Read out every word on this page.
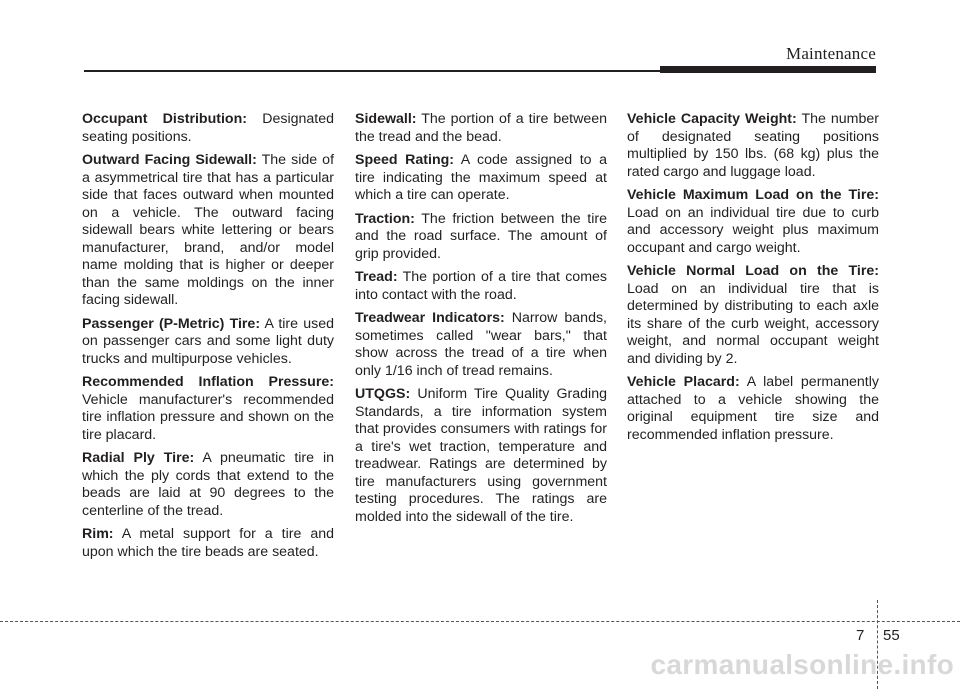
Maintenance

Occupant Distribution: Designated seating positions.

Outward Facing Sidewall: The side of a asymmetrical tire that has a particular side that faces outward when mounted on a vehicle. The outward facing sidewall bears white lettering or bears manufacturer, brand, and/or model name molding that is higher or deeper than the same moldings on the inner facing sidewall.

Passenger (P-Metric) Tire: A tire used on passenger cars and some light duty trucks and multipurpose vehicles.

Recommended Inflation Pressure: Vehicle manufacturer's recommended tire inflation pressure and shown on the tire placard.

Radial Ply Tire: A pneumatic tire in which the ply cords that extend to the beads are laid at 90 degrees to the centerline of the tread.

Rim: A metal support for a tire and upon which the tire beads are seated.

Sidewall: The portion of a tire between the tread and the bead.

Speed Rating: A code assigned to a tire indicating the maximum speed at which a tire can operate.

Traction: The friction between the tire and the road surface. The amount of grip provided.

Tread: The portion of a tire that comes into contact with the road.

Treadwear Indicators: Narrow bands, sometimes called "wear bars," that show across the tread of a tire when only 1/16 inch of tread remains.

UTQGS: Uniform Tire Quality Grading Standards, a tire information system that provides consumers with ratings for a tire's wet traction, temperature and treadwear. Ratings are determined by tire manufacturers using government testing procedures. The ratings are molded into the sidewall of the tire.

Vehicle Capacity Weight: The number of designated seating positions multiplied by 150 lbs. (68 kg) plus the rated cargo and luggage load.

Vehicle Maximum Load on the Tire: Load on an individual tire due to curb and accessory weight plus maximum occupant and cargo weight.

Vehicle Normal Load on the Tire: Load on an individual tire that is determined by distributing to each axle its share of the curb weight, accessory weight, and normal occupant weight and dividing by 2.

Vehicle Placard: A label permanently attached to a vehicle showing the original equipment tire size and recommended inflation pressure.

7 55
carmanualsonline.info
